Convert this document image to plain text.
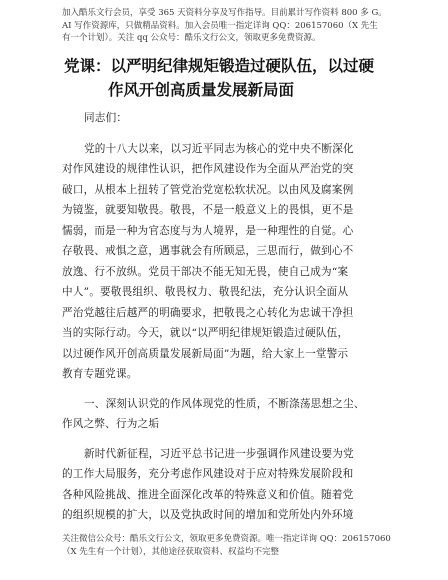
加入酷乐文行会员，享受 365 天资料分享及写作指导。目前累计写作资料 800 多 G。

AI 写作资源库，只做精品资料。加入会员唯一指定详询 QQ：206157060（X 先生

有一个计划）。关注 qq 公众号：酷乐文行公文，领取更多免费资源。

党课：以严明纪律规矩锻造过硬队伍，以过硬

作风开创高质量发展新局面

同志们：

党的十八大以来，以习近平同志为核心的党中央不断深化

对作风建设的规律性认识，把作风建设作为全面从严治党的突

破口，从根本上扭转了管党治党宽松软状况。以由风及腐案例

为镜鉴，就要知敬畏。敬畏，不是一般意义上的畏惧，更不是

懦弱，而是一种为官态度与为人境界，是一种理性的自觉。心

存敬畏、戒惧之意，遇事就会有所顾忌，三思而行，做到心不

放逸、行不放纵。党员干部决不能无知无畏，使自己成为“案

中人”。要敬畏组织、敬畏权力、敬畏纪法，充分认识全面从

严治党越往后越严的明确要求，把敬畏之心转化为忠诚干净担

当的实际行动。今天，就以“以严明纪律规矩锻造过硬队伍，

以过硬作风开创高质量发展新局面”为题，给大家上一堂警示

教育专题党课。

一、深刻认识党的作风体现党的性质，不断涤荡思想之尘、

作风之弊、行为之垢

新时代新征程，习近平总书记进一步强调作风建设要为党

的工作大局服务，充分考虑作风建设对于应对特殊发展阶段和

各种风险挑战、推进全面深化改革的特殊意义和价值。随着党

的组织规模的扩大，以及党执政时间的增加和党所处内外环境

关注微信公众号：酷乐文行公文，领取更多免费资源。唯一指定详询 QQ：206157060

（X 先生有一个计划），其他途径获取资料、权益均不完整
